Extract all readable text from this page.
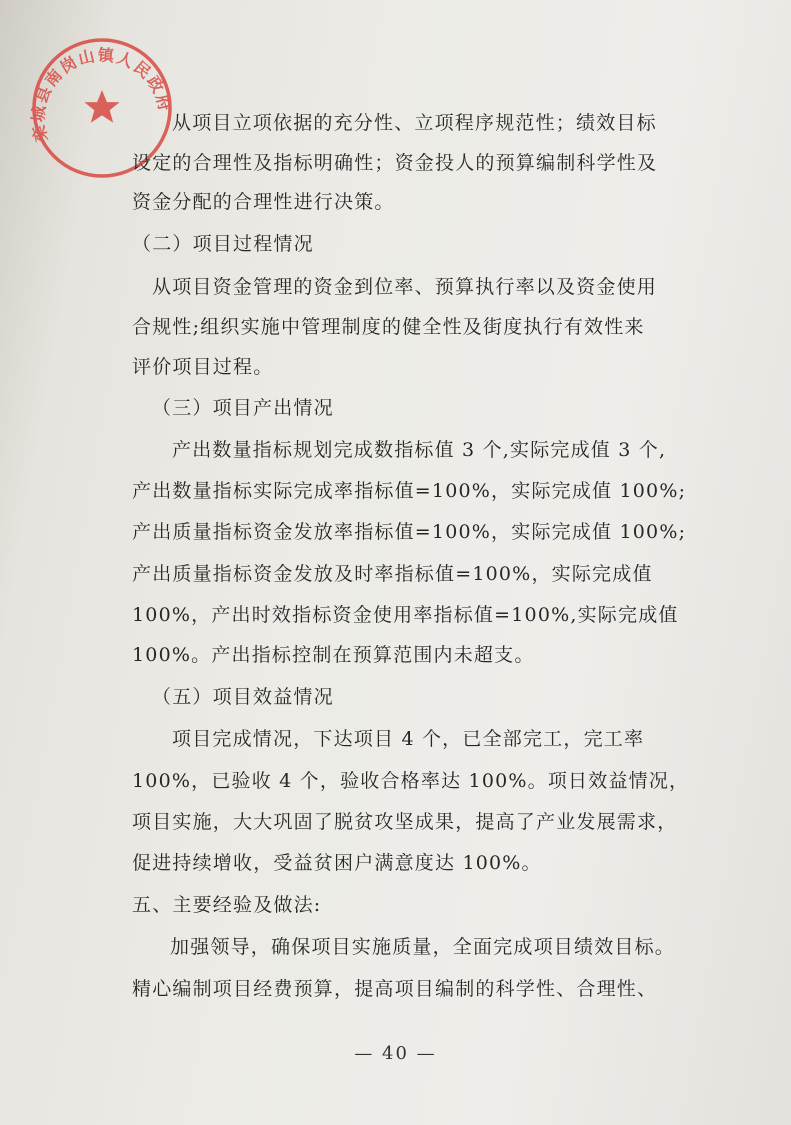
栾城县南岗山镇人民政府

从项目立项依据的充分性、立项程序规范性；绩效目标

设定的合理性及指标明确性；资金投人的预算编制科学性及

资金分配的合理性进行决策。

（二）项目过程情况

从项目资金管理的资金到位率、预算执行率以及资金使用

合规性;组织实施中管理制度的健全性及街度执行有效性来

评价项目过程。

（三）项目产出情况

产出数量指标规划完成数指标值 3 个,实际完成值 3 个,

产出数量指标实际完成率指标值=100%，实际完成值 100%;

产出质量指标资金发放率指标值=100%，实际完成值 100%;

产出质量指标资金发放及时率指标值=100%，实际完成值

100%，产出时效指标资金使用率指标值=100%,实际完成值

100%。产出指标控制在预算范围内未超支。

（五）项目效益情况

项目完成情况，下达项目 4 个，已全部完工，完工率

100%，已验收 4 个，验收合格率达 100%。项日效益情况，

项目实施，大大巩固了脱贫攻坚成果，提高了产业发展需求，

促进持续增收，受益贫困户满意度达 100%。

五、主要经验及做法:

加强领导，确保项目实施质量，全面完成项目绩效目标。

精心编制项目经费预算，提高项目编制的科学性、合理性、

— 40 —
